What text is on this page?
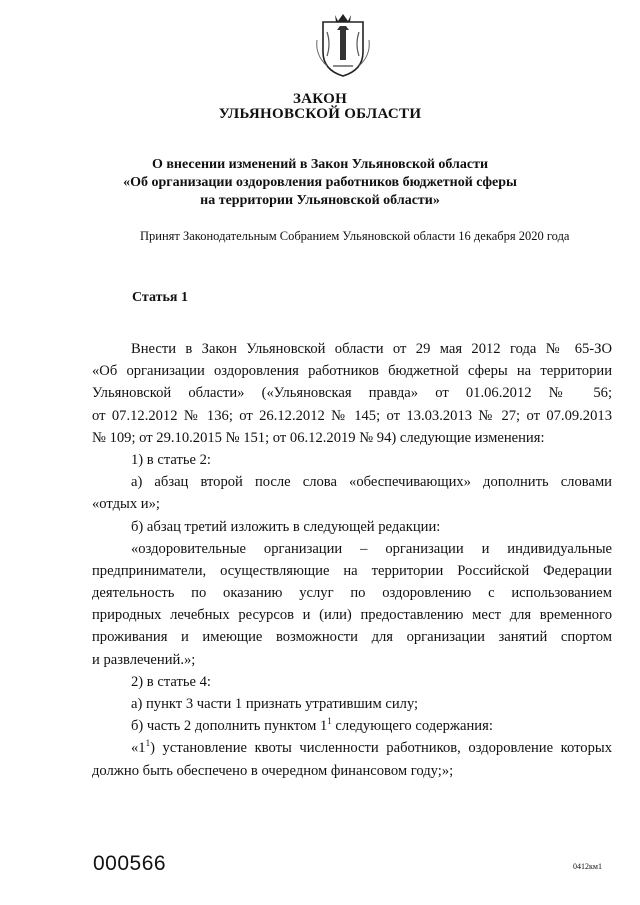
ЗАКОН
УЛЬЯНОВСКОЙ ОБЛАСТИ
О внесении изменений в Закон Ульяновской области
«Об организации оздоровления работников бюджетной сферы
на территории Ульяновской области»
Принят Законодательным Собранием Ульяновской области 16 декабря 2020 года
Статья 1
Внести в Закон Ульяновской области от 29 мая 2012 года № 65-ЗО
«Об организации оздоровления работников бюджетной сферы на территории
Ульяновской области» («Ульяновская правда» от 01.06.2012 № 56;
от 07.12.2012 № 136; от 26.12.2012 № 145; от 13.03.2013 № 27; от 07.09.2013
№ 109; от 29.10.2015 № 151; от 06.12.2019 № 94) следующие изменения:
1) в статье 2:
а) абзац второй после слова «обеспечивающих» дополнить словами
«отдых и»;
б) абзац третий изложить в следующей редакции:
«оздоровительные организации – организации и индивидуальные
предприниматели, осуществляющие на территории Российской Федерации
деятельность по оказанию услуг по оздоровлению с использованием
природных лечебных ресурсов и (или) предоставлению мест для временного
проживания и имеющие возможности для организации занятий спортом
и развлечений.»;
2) в статье 4:
а) пункт 3 части 1 признать утратившим силу;
б) часть 2 дополнить пунктом $1^1$ следующего содержания:
«$1^1$) установление квоты численности работников, оздоровление которых
должно быть обеспечено в очередном финансовом году;»;
000566	0412км1
